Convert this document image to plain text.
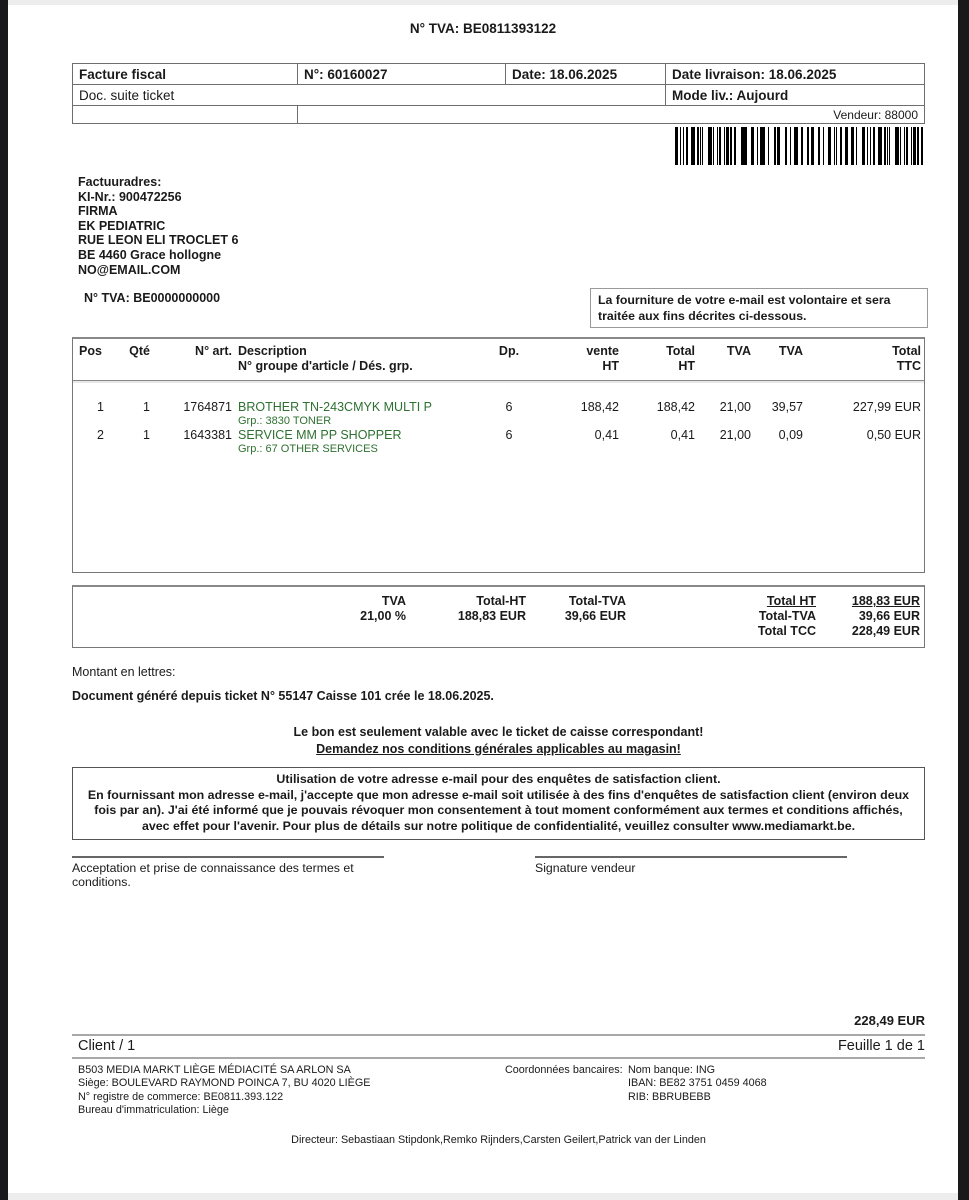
N° TVA: BE0811393122
Facture fiscal	N°: 60160027	Date: 18.06.2025	Date livraison: 18.06.2025
Doc. suite ticket	Mode liv.: Aujourd
Vendeur: 88000
Factuuradres:
KI-Nr.: 900472256
FIRMA
EK PEDIATRIC
RUE LEON ELI TROCLET 6
BE 4460 Grace hollogne
NO@EMAIL.COM
N° TVA: BE0000000000	La fourniture de votre e-mail est volontaire et sera traitée aux fins décrites ci-dessous.
Pos	Qté	N° art. Description	Dp.	vente	Total	TVA	TVA	Total
N° groupe d'article / Dés. grp.	HT	HT	TTC
1	1	1764871 BROTHER TN-243CMYK MULTI P	6	188,42	188,42	21,00	39,57	227,99 EUR
Grp.: 3830 TONER
2	1	1643381 SERVICE MM PP SHOPPER	6	0,41	0,41	21,00	0,09	0,50 EUR
Grp.: 67 OTHER SERVICES
TVA	Total-HT	Total-TVA
21,00 %	188,83 EUR	39,66 EUR
Total HT	188,83 EUR
Total-TVA	39,66 EUR
Total TCC	228,49 EUR
Montant en lettres:
Document généré depuis ticket N° 55147 Caisse 101 crée le 18.06.2025.
Le bon est seulement valable avec le ticket de caisse correspondant!
Demandez nos conditions générales applicables au magasin!
Utilisation de votre adresse e-mail pour des enquêtes de satisfaction client.
En fournissant mon adresse e-mail, j'accepte que mon adresse e-mail soit utilisée à des fins d'enquêtes de satisfaction client (environ deux fois par an). J'ai été informé que je pouvais révoquer mon consentement à tout moment conformément aux termes et conditions affichés, avec effet pour l'avenir. Pour plus de détails sur notre politique de confidentialité, veuillez consulter www.mediamarkt.be.
Acceptation et prise de connaissance des termes et conditions.
Signature vendeur
228,49 EUR
Client / 1	Feuille 1 de 1
B503 MEDIA MARKT LIÈGE MÉDIACITÉ SA ARLON SA
Siège: BOULEVARD RAYMOND POINCA 7, BU 4020 LIÈGE
N° registre de commerce: BE0811.393.122
Bureau d'immatriculation: Liège
Coordonnées bancaires: Nom banque: ING
IBAN: BE82 3751 0459 4068
RIB: BBRUBEBB
Directeur: Sebastiaan Stipdonk,Remko Rijnders,Carsten Geilert,Patrick van der Linden
